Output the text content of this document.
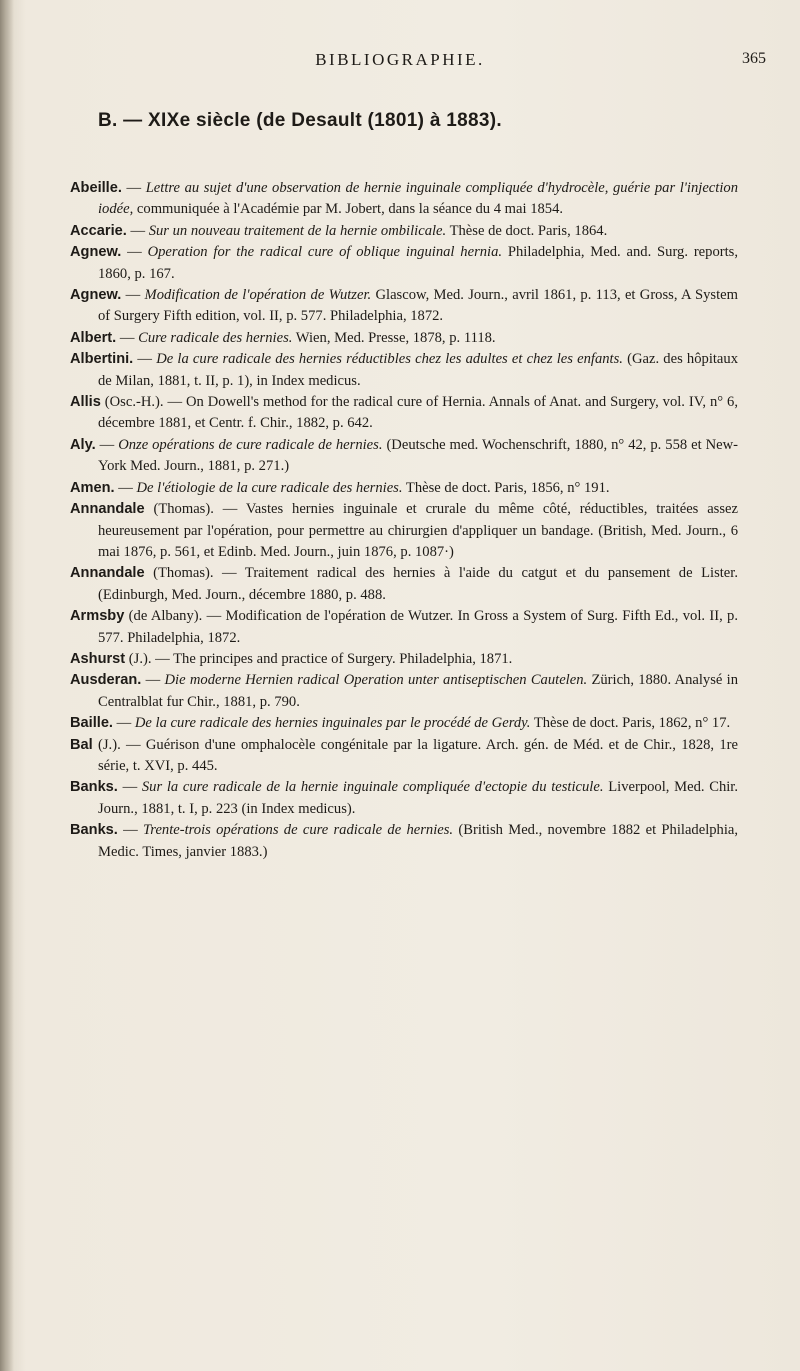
BIBLIOGRAPHIE.	365
B. — XIXe siècle (de Desault (1801) à 1883).

Abeille. — Lettre au sujet d'une observation de hernie inguinale compliquée d'hydrocèle, guérie par l'injection iodée, communiquée à l'Académie par M. Jobert, dans la séance du 4 mai 1854.

Accarie. — Sur un nouveau traitement de la hernie ombilicale. Thèse de doct. Paris, 1864.

Agnew. — Operation for the radical cure of oblique inguinal hernia. Philadelphia, Med. and. Surg. reports, 1860, p. 167.

Agnew. — Modification de l'opération de Wutzer. Glascow, Med. Journ., avril 1861, p. 113, et Gross, A System of Surgery Fifth edition, vol. II, p. 577. Philadelphia, 1872.

Albert. — Cure radicale des hernies. Wien, Med. Presse, 1878, p. 1118.

Albertini. — De la cure radicale des hernies réductibles chez les adultes et chez les enfants. (Gaz. des hôpitaux de Milan, 1881, t. II, p. 1), in Index medicus.

Allis (Osc.-H.). — On Dowell's method for the radical cure of Hernia. Annals of Anat. and Surgery, vol. IV, n° 6, décembre 1881, et Centr. f. Chir., 1882, p. 642.

Aly. — Onze opérations de cure radicale de hernies. (Deutsche med. Wochenschrift, 1880, n° 42, p. 558 et New-York Med. Journ., 1881, p. 271.)

Amen. — De l'étiologie de la cure radicale des hernies. Thèse de doct. Paris, 1856, n° 191.

Annandale (Thomas). — Vastes hernies inguinale et crurale du même côté, réductibles, traitées assez heureusement par l'opération, pour permettre au chirurgien d'appliquer un bandage. (British, Med. Journ., 6 mai 1876, p. 561, et Edinb. Med. Journ., juin 1876, p. 1087·)

Annandale (Thomas). — Traitement radical des hernies à l'aide du catgut et du pansement de Lister. (Edinburgh, Med. Journ., décembre 1880, p. 488.

Armsby (de Albany). — Modification de l'opération de Wutzer. In Gross a System of Surg. Fifth Ed., vol. II, p. 577. Philadelphia, 1872.

Ashurst (J.). — The principes and practice of Surgery. Philadelphia, 1871.

Ausderan. — Die moderne Hernien radical Operation unter antiseptischen Cautelen. Zürich, 1880. Analysé in Centralblat fur Chir., 1881, p. 790.

Baille. — De la cure radicale des hernies inguinales par le procédé de Gerdy. Thèse de doct. Paris, 1862, n° 17.

Bal (J.). — Guérison d'une omphalocèle congénitale par la ligature. Arch. gén. de Méd. et de Chir., 1828, 1re série, t. XVI, p. 445.

Banks. — Sur la cure radicale de la hernie inguinale compliquée d'ectopie du testicule. Liverpool, Med. Chir. Journ., 1881, t. I, p. 223 (in Index medicus).

Banks. — Trente-trois opérations de cure radicale de hernies. (British Med., novembre 1882 et Philadelphia, Medic. Times, janvier 1883.)
